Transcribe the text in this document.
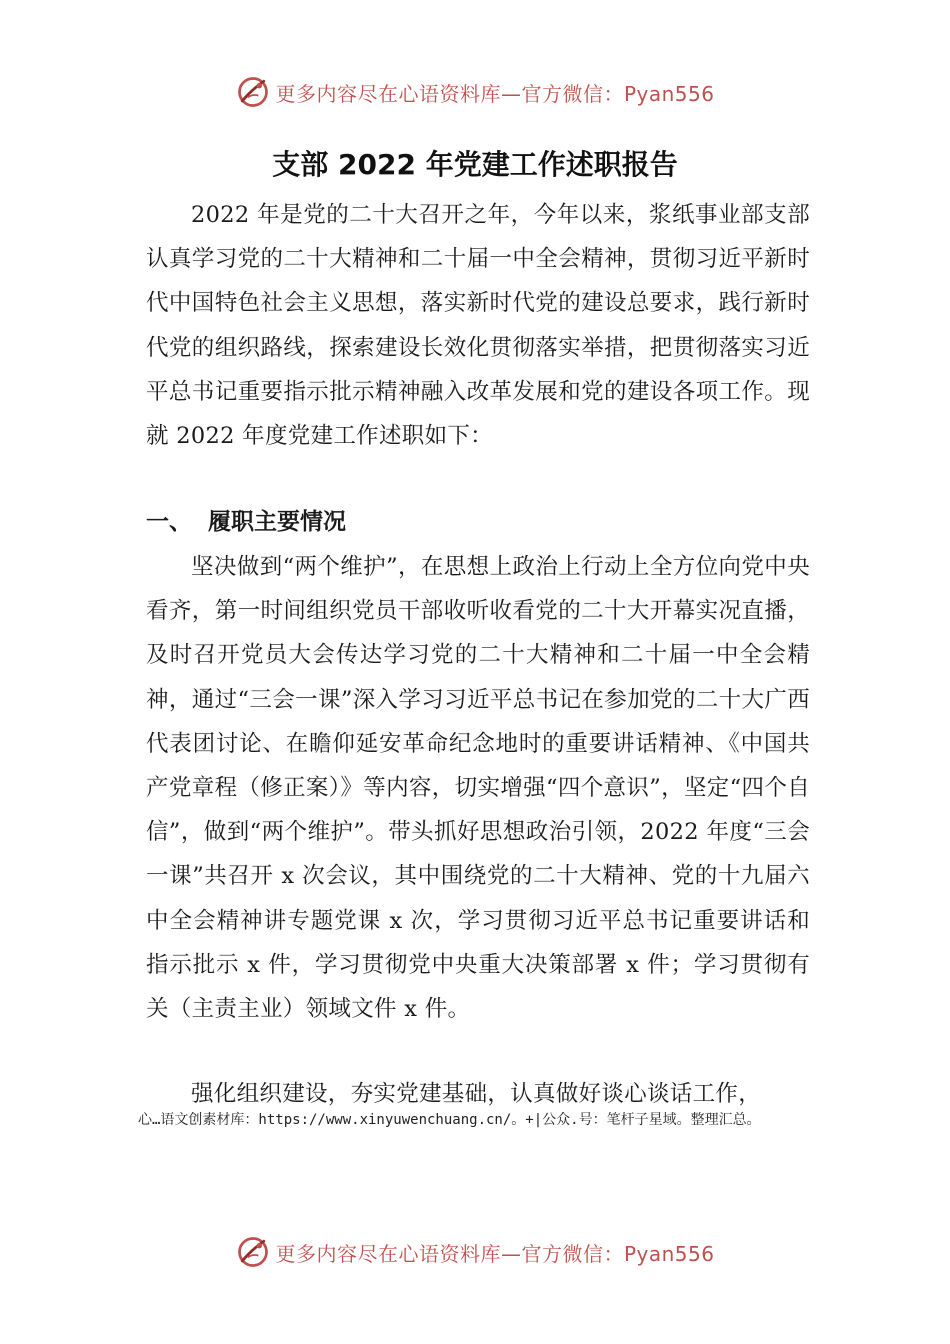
更多内容尽在心语资料库—官方微信：Pyan556
支部 2022 年党建工作述职报告

2022 年是党的二十大召开之年，今年以来，浆纸事业部支部认真学习党的二十大精神和二十届一中全会精神，贯彻习近平新时代中国特色社会主义思想，落实新时代党的建设总要求，践行新时代党的组织路线，探索建设长效化贯彻落实举措，把贯彻落实习近平总书记重要指示批示精神融入改革发展和党的建设各项工作。现就 2022 年度党建工作述职如下：

一、  履职主要情况

坚决做到“两个维护”，在思想上政治上行动上全方位向党中央看齐，第一时间组织党员干部收听收看党的二十大开幕实况直播，及时召开党员大会传达学习党的二十大精神和二十届一中全会精神，通过“三会一课”深入学习习近平总书记在参加党的二十大广西代表团讨论、在瞻仰延安革命纪念地时的重要讲话精神、《中国共产党章程（修正案）》等内容，切实增强“四个意识”，坚定“四个自信”，做到“两个维护”。带头抓好思想政治引领，2022 年度“三会一课”共召开 x 次会议，其中围绕党的二十大精神、党的十九届六中全会精神讲专题党课 x 次，学习贯彻习近平总书记重要讲话和指示批示 x 件，学习贯彻党中央重大决策部署 x 件；学习贯彻有关（主责主业）领域文件 x 件。

强化组织建设，夯实党建基础，认真做好谈心谈话工作，

心…语文创素材库：https://www.xinyuwenchuang.cn/。+|公众.号：笔杆子星域。整理汇总。

更多内容尽在心语资料库—官方微信：Pyan556
